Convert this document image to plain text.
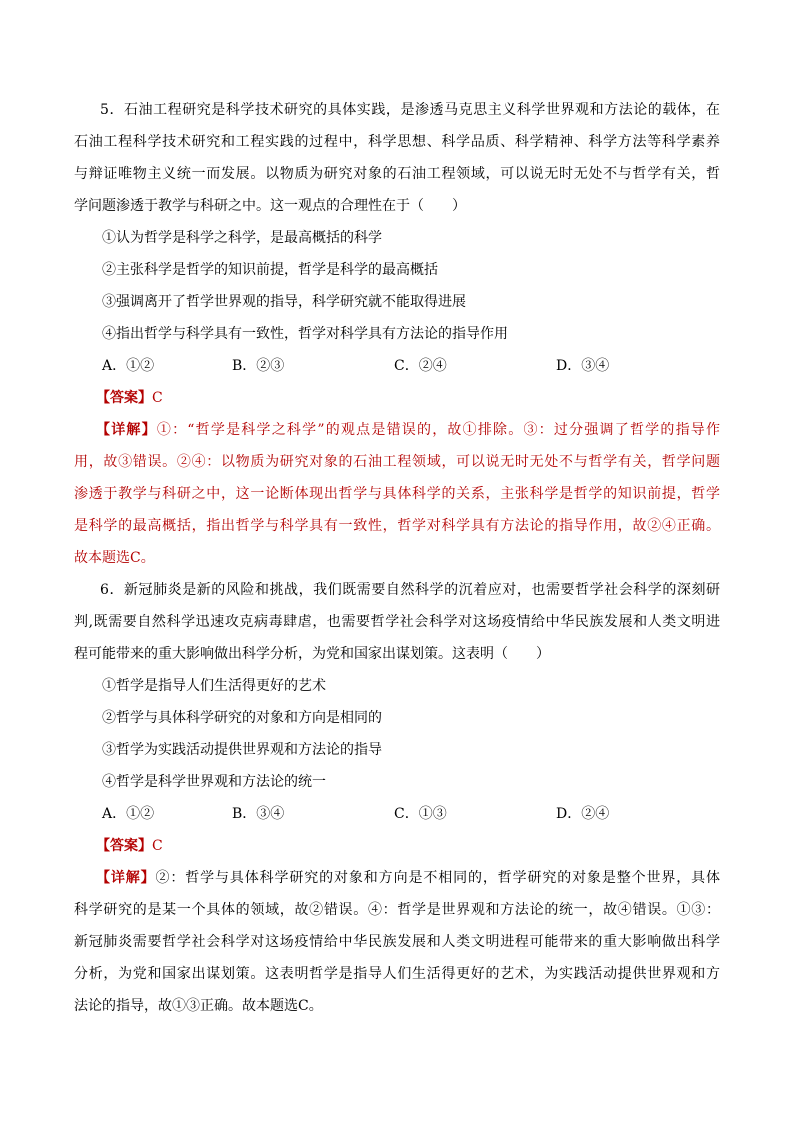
5．石油工程研究是科学技术研究的具体实践，是渗透马克思主义科学世界观和方法论的载体，在
石油工程科学技术研究和工程实践的过程中，科学思想、科学品质、科学精神、科学方法等科学素养
与辩证唯物主义统一而发展。以物质为研究对象的石油工程领域，可以说无时无处不与哲学有关，哲
学问题渗透于教学与科研之中。这一观点的合理性在于（　　）
①认为哲学是科学之科学，是最高概括的科学
②主张科学是哲学的知识前提，哲学是科学的最高概括
③强调离开了哲学世界观的指导，科学研究就不能取得进展
④指出哲学与科学具有一致性，哲学对科学具有方法论的指导作用
A．①②	B．②③	C．②④	D．③④
【答案】C
【详解】①：“哲学是科学之科学”的观点是错误的，故①排除。③：过分强调了哲学的指导作
用，故③错误。②④：以物质为研究对象的石油工程领域，可以说无时无处不与哲学有关，哲学问题
渗透于教学与科研之中，这一论断体现出哲学与具体科学的关系，主张科学是哲学的知识前提，哲学
是科学的最高概括，指出哲学与科学具有一致性，哲学对科学具有方法论的指导作用，故②④正确。
故本题选C。
6．新冠肺炎是新的风险和挑战，我们既需要自然科学的沉着应对，也需要哲学社会科学的深刻研
判,既需要自然科学迅速攻克病毒肆虐，也需要哲学社会科学对这场疫情给中华民族发展和人类文明进
程可能带来的重大影响做出科学分析，为党和国家出谋划策。这表明（　　）
①哲学是指导人们生活得更好的艺术
②哲学与具体科学研究的对象和方向是相同的
③哲学为实践活动提供世界观和方法论的指导
④哲学是科学世界观和方法论的统一
A．①②	B．③④	C．①③	D．②④
【答案】C
【详解】②：哲学与具体科学研究的对象和方向是不相同的，哲学研究的对象是整个世界，具体
科学研究的是某一个具体的领域，故②错误。④：哲学是世界观和方法论的统一，故④错误。①③：
新冠肺炎需要哲学社会科学对这场疫情给中华民族发展和人类文明进程可能带来的重大影响做出科学
分析，为党和国家出谋划策。这表明哲学是指导人们生活得更好的艺术，为实践活动提供世界观和方
法论的指导，故①③正确。故本题选C。
